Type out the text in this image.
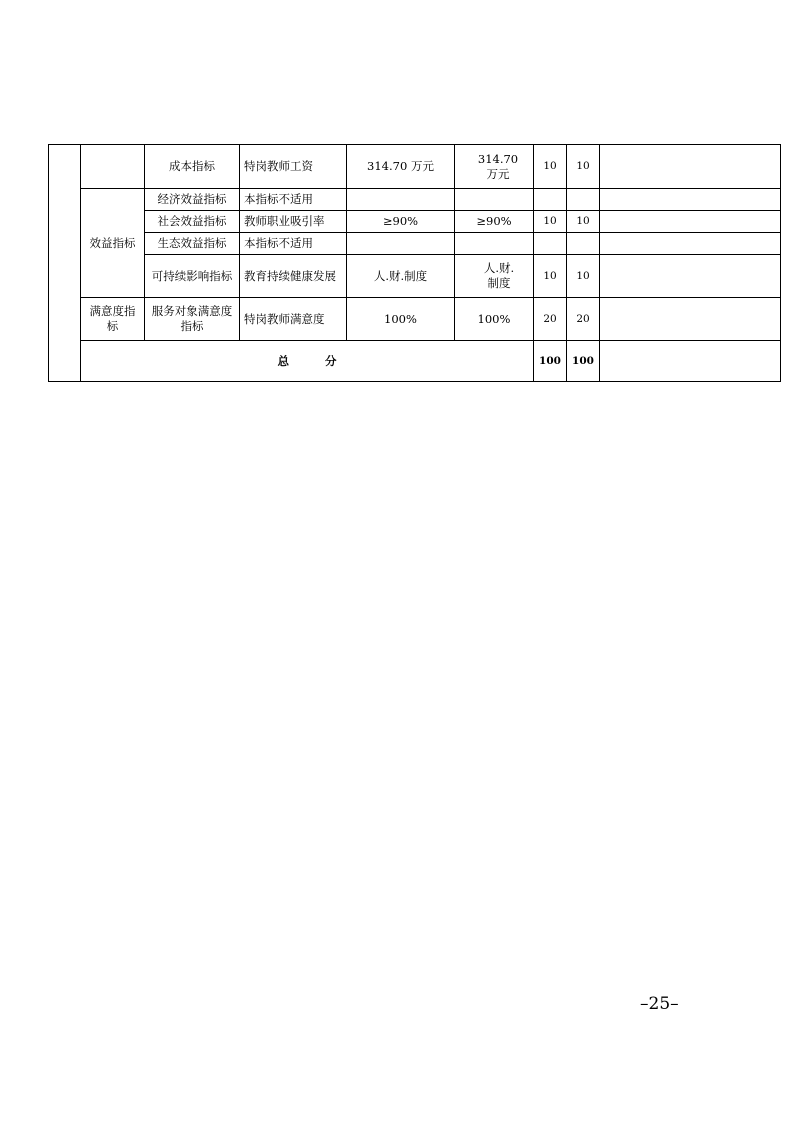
		成本指标	特岗教师工资	314.70 万元	314.70 万元	10	10	
	效益指标	经济效益指标	本指标不适用					
		社会效益指标	教师职业吸引率	≥90%	≥90%	10	10	
		生态效益指标	本指标不适用					
		可持续影响指标	教育持续健康发展	人.财.制度	人.财.制度	10	10	
	满意度指标	服务对象满意度指标	特岗教师满意度	100%	100%	20	20	
	总 分					100	100	
–25–
